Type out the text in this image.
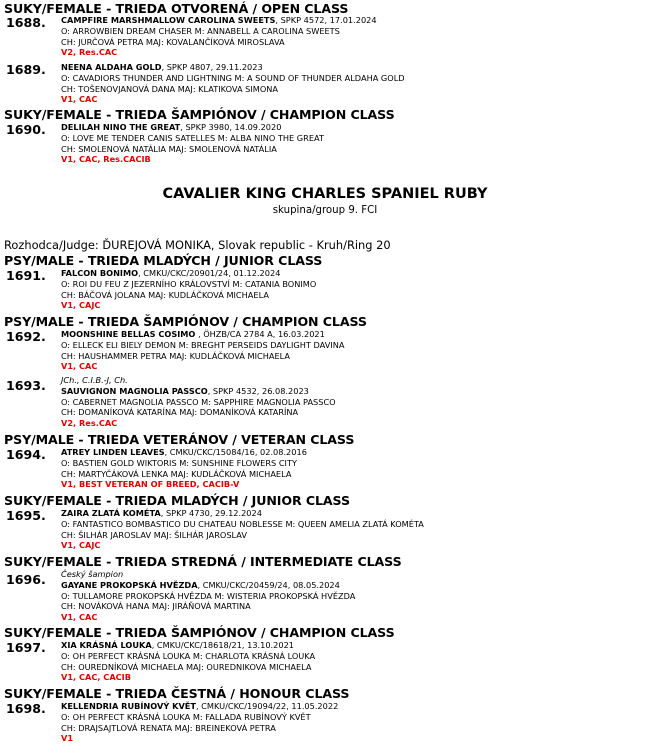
SUKY/FEMALE - TRIEDA OTVORENÁ / OPEN CLASS
1688. CAMPFIRE MARSHMALLOW CAROLINA SWEETS, SPKP 4572, 17.01.2024
O: ARROWBIEN DREAM CHASER M: ANNABELL A CAROLINA SWEETS
CH: JURČOVÁ PETRA MAJ: KOVALANČÍKOVÁ MIROSLAVA
V2, Res.CAC
1689. NEENA ALDAHA GOLD, SPKP 4807, 29.11.2023
O: CAVADIORS THUNDER AND LIGHTNING M: A SOUND OF THUNDER ALDAHA GOLD
CH: TOŠENOVJANOVÁ DANA MAJ: KLATIKOVA SIMONA
V1, CAC
SUKY/FEMALE - TRIEDA ŠAMPIÓNOV / CHAMPION CLASS
1690. DELILAH NINO THE GREAT, SPKP 3980, 14.09.2020
O: LOVE ME TENDER CANIS SATELLES M: ALBA NINO THE GREAT
CH: SMOLENOVÁ NATÁLIA MAJ: SMOLENOVÁ NATÁLIA
V1, CAC, Res.CACIB
CAVALIER KING CHARLES SPANIEL RUBY
skupina/group 9. FCI
Rozhodca/Judge: ĎUREJOVÁ MONIKA, Slovak republic - Kruh/Ring 20
PSY/MALE - TRIEDA MLADÝCH / JUNIOR CLASS
1691. FALCON BONIMO, CMKU/CKC/20901/24, 01.12.2024
O: ROI DU FEU Z JEZERNÍHO KRÁLOVSTVÍ M: CATANIA BONIMO
CH: BÁČOVÁ JOLANA MAJ: KUDLÁČKOVÁ MICHAELA
V1, CAJC
PSY/MALE - TRIEDA ŠAMPIÓNOV / CHAMPION CLASS
1692. MOONSHINE BELLAS COSIMO , ÖHZB/CA 2784 A, 16.03.2021
O: ELLECK ELI BIELY DEMON M: BREGHT PERSEIDS DAYLIGHT DAVINA
CH: HAUSHAMMER PETRA MAJ: KUDLÁČKOVÁ MICHAELA
V1, CAC
1693. JCh., C.I.B.-J, Ch.
SAUVIGNON MAGNOLIA PASSCO, SPKP 4532, 26.08.2023
O: CABERNET MAGNOLIA PASSCO M: SAPPHIRE MAGNOLIA PASSCO
CH: DOMANÍKOVÁ KATARÍNA MAJ: DOMANÍKOVÁ KATARÍNA
V2, Res.CAC
PSY/MALE - TRIEDA VETERÁNOV / VETERAN CLASS
1694. ATREY LINDEN LEAVES, CMKU/CKC/15084/16, 02.08.2016
O: BASTIEN GOLD WIKTORIS M: SUNSHINE FLOWERS CITY
CH: MARTYČÁKOVÁ LENKA MAJ: KUDLÁČKOVÁ MICHAELA
V1, BEST VETERAN OF BREED, CACIB-V
SUKY/FEMALE - TRIEDA MLADÝCH / JUNIOR CLASS
1695. ZAIRA ZLATÁ KOMÉTA, SPKP 4730, 29.12.2024
O: FANTASTICO BOMBASTICO DU CHATEAU NOBLESSE M: QUEEN AMELIA ZLATÁ KOMÉTA
CH: ŠILHÁR JAROSLAV MAJ: ŠILHÁR JAROSLAV
V1, CAJC
SUKY/FEMALE - TRIEDA STREDNÁ / INTERMEDIATE CLASS
1696. Český šampion
GAYANE PROKOPSKÁ HVĚZDA, CMKU/CKC/20459/24, 08.05.2024
O: TULLAMORE PROKOPSKÁ HVĚZDA M: WISTERIA PROKOPSKÁ HVĚZDA
CH: NOVÁKOVÁ HANA MAJ: JIRÁŇOVÁ MARTINA
V1, CAC
SUKY/FEMALE - TRIEDA ŠAMPIÓNOV / CHAMPION CLASS
1697. XIA KRÁSNÁ LOUKA, CMKU/CKC/18618/21, 13.10.2021
O: OH PERFECT KRÁSNÁ LOUKA M: CHARLOTA KRÁSNÁ LOUKA
CH: OUREDNÍKOVÁ MICHAELA MAJ: OUREDNIKOVA MICHAELA
V1, CAC, CACIB
SUKY/FEMALE - TRIEDA ČESTNÁ / HONOUR CLASS
1698. KELLENDRIA RUBÍNOVÝ KVĚT, CMKU/CKC/19094/22, 11.05.2022
O: OH PERFECT KRÁSNÁ LOUKA M: FALLADA RUBÍNOVÝ KVĚT
CH: DRAJSAJTLOVÁ RENATA MAJ: BREINEKOVÁ PETRA
V1
